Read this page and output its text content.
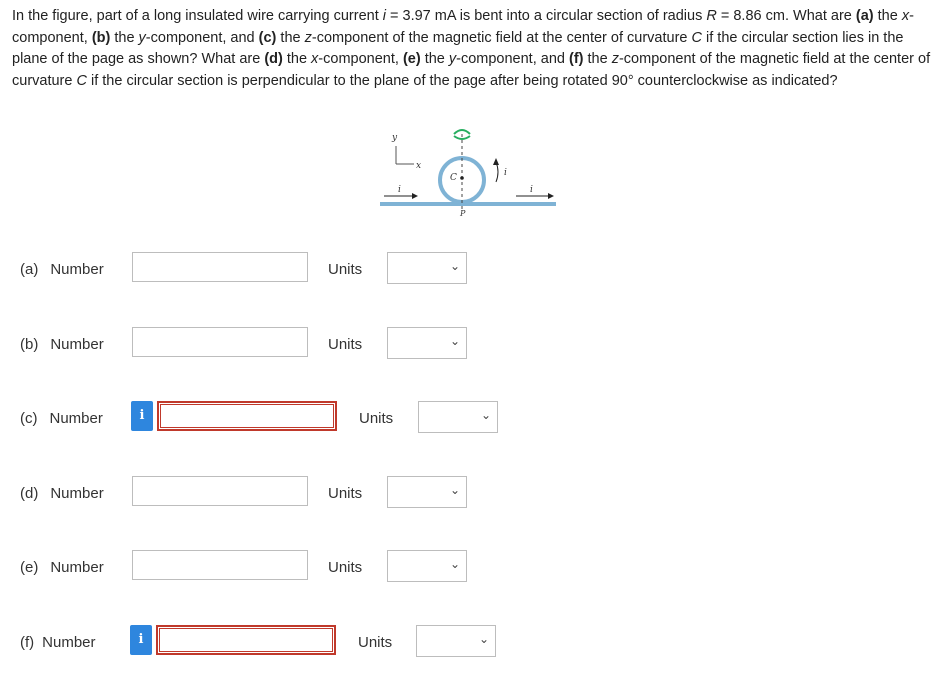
In the figure, part of a long insulated wire carrying current i = 3.97 mA is bent into a circular section of radius R = 8.86 cm. What are (a) the x-component, (b) the y-component, and (c) the z-component of the magnetic field at the center of curvature C if the circular section lies in the plane of the page as shown? What are (d) the x-component, (e) the y-component, and (f) the z-component of the magnetic field at the center of curvature C if the circular section is perpendicular to the plane of the page after being rotated 90° counterclockwise as indicated?
y
x
i	i
i
C
P
(a) Number	Units	⌄
(b) Number	Units	⌄
(c) Number	i	Units	⌄
(d) Number	Units	⌄
(e) Number	Units	⌄
(f) Number	i	Units	⌄
